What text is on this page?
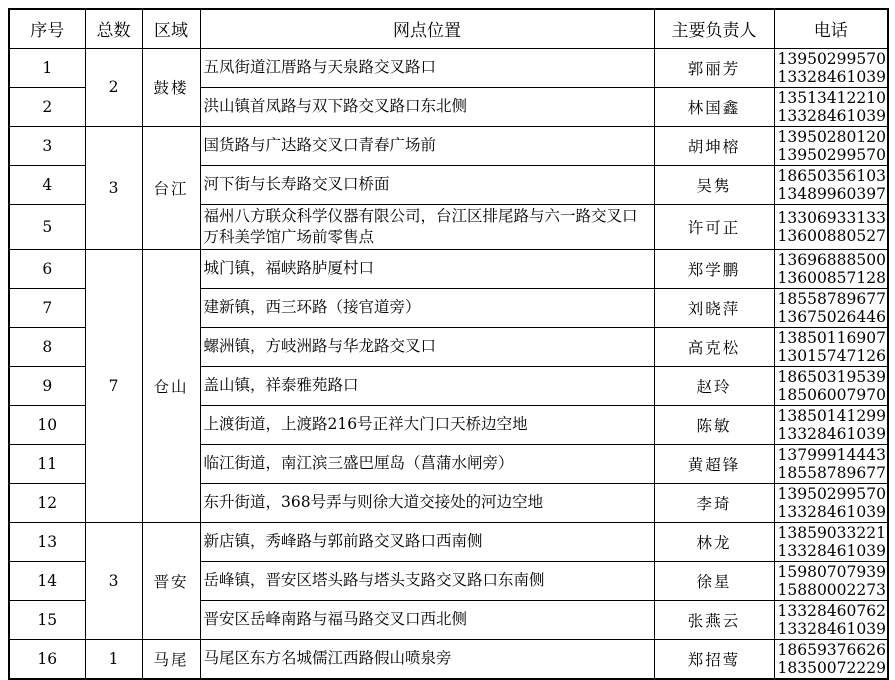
序号	总数	区域	网点位置	主要负责人	电话
1	2	鼓楼	五凤街道江厝路与天泉路交叉路口	郭丽芳	13950299570
13328461039

2			洪山镇首凤路与双下路交叉路口东北侧	林国鑫	13513412210
13328461039

3	3	台江	国货路与广达路交叉口青春广场前	胡坤榕	13950280120
13950299570

4			河下街与长寿路交叉口桥面	吴隽	18650356103
13489960397

5			福州八方联众科学仪器有限公司，台江区排尾路与六一路交叉口万科美学馆广场前零售点	许可正	13306933133
13600880527

6	7	仓山	城门镇，福峡路胪厦村口	郑学鹏	13696888500
13600857128

7			建新镇，西三环路（接官道旁）	刘晓萍	18558789677
13675026446

8			螺洲镇，方岐洲路与华龙路交叉口	高克松	13850116907
13015747126

9			盖山镇，祥泰雅苑路口	赵玲	18650319539
18506007970

10			上渡街道，上渡路216号正祥大门口天桥边空地	陈敏	13850141299
13328461039

11			临江街道，南江滨三盛巴厘岛（菖蒲水闸旁）	黄超锋	13799914443
18558789677

12			东升街道，368号弄与则徐大道交接处的河边空地	李琦	13950299570
13328461039

13	3	晋安	新店镇，秀峰路与郭前路交叉路口西南侧	林龙	13859033221
13328461039

14			岳峰镇，晋安区塔头路与塔头支路交叉路口东南侧	徐星	15980707939
15880002273

15			晋安区岳峰南路与福马路交叉口西北侧	张燕云	13328460762
13328461039

16	1	马尾	马尾区东方名城儒江西路假山喷泉旁	郑招莺	18659376626
18350072229
